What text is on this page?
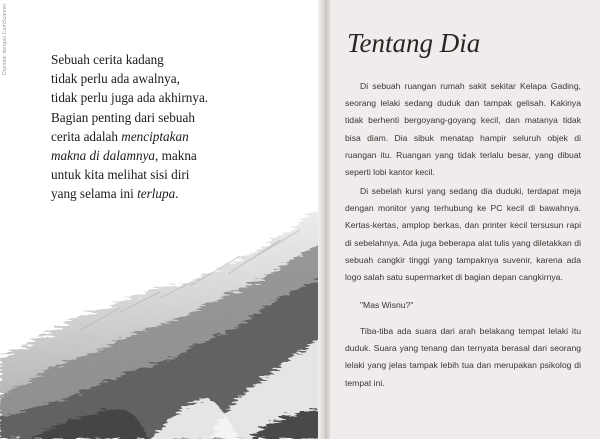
Dipindai dengan CamScanner	Sebuah cerita kadang
tidak perlu ada awalnya,
tidak perlu juga ada akhirnya.
Bagian penting dari sebuah
cerita adalah menciptakan
makna di dalamnya, makna
untuk kita melihat sisi diri
yang selama ini terlupa.
Tentang Dia

Di sebuah ruangan rumah sakit sekitar Kelapa Gading, seorang lelaki sedang duduk dan tampak gelisah. Kakinya tidak berhenti bergoyang-goyang kecil, dan matanya tidak bisa diam. Dia sibuk menatap hampir seluruh objek di ruangan itu. Ruangan yang tidak terlalu besar, yang dibuat seperti lobi kantor kecil.

Di sebelah kursi yang sedang dia duduki, terdapat meja dengan monitor yang terhubung ke PC kecil di bawahnya. Kertas-kertas, amplop berkas, dan printer kecil tersusun rapi di sebelahnya. Ada juga beberapa alat tulis yang diletakkan di sebuah cangkir tinggi yang tampaknya suvenir, karena ada logo salah satu supermarket di bagian depan cangkirnya.

"Mas Wisnu?"

Tiba-tiba ada suara dari arah belakang tempat lelaki itu duduk. Suara yang tenang dan ternyata berasal dari seorang lelaki yang jelas tampak lebih tua dan merupakan psikolog di tempat ini.
